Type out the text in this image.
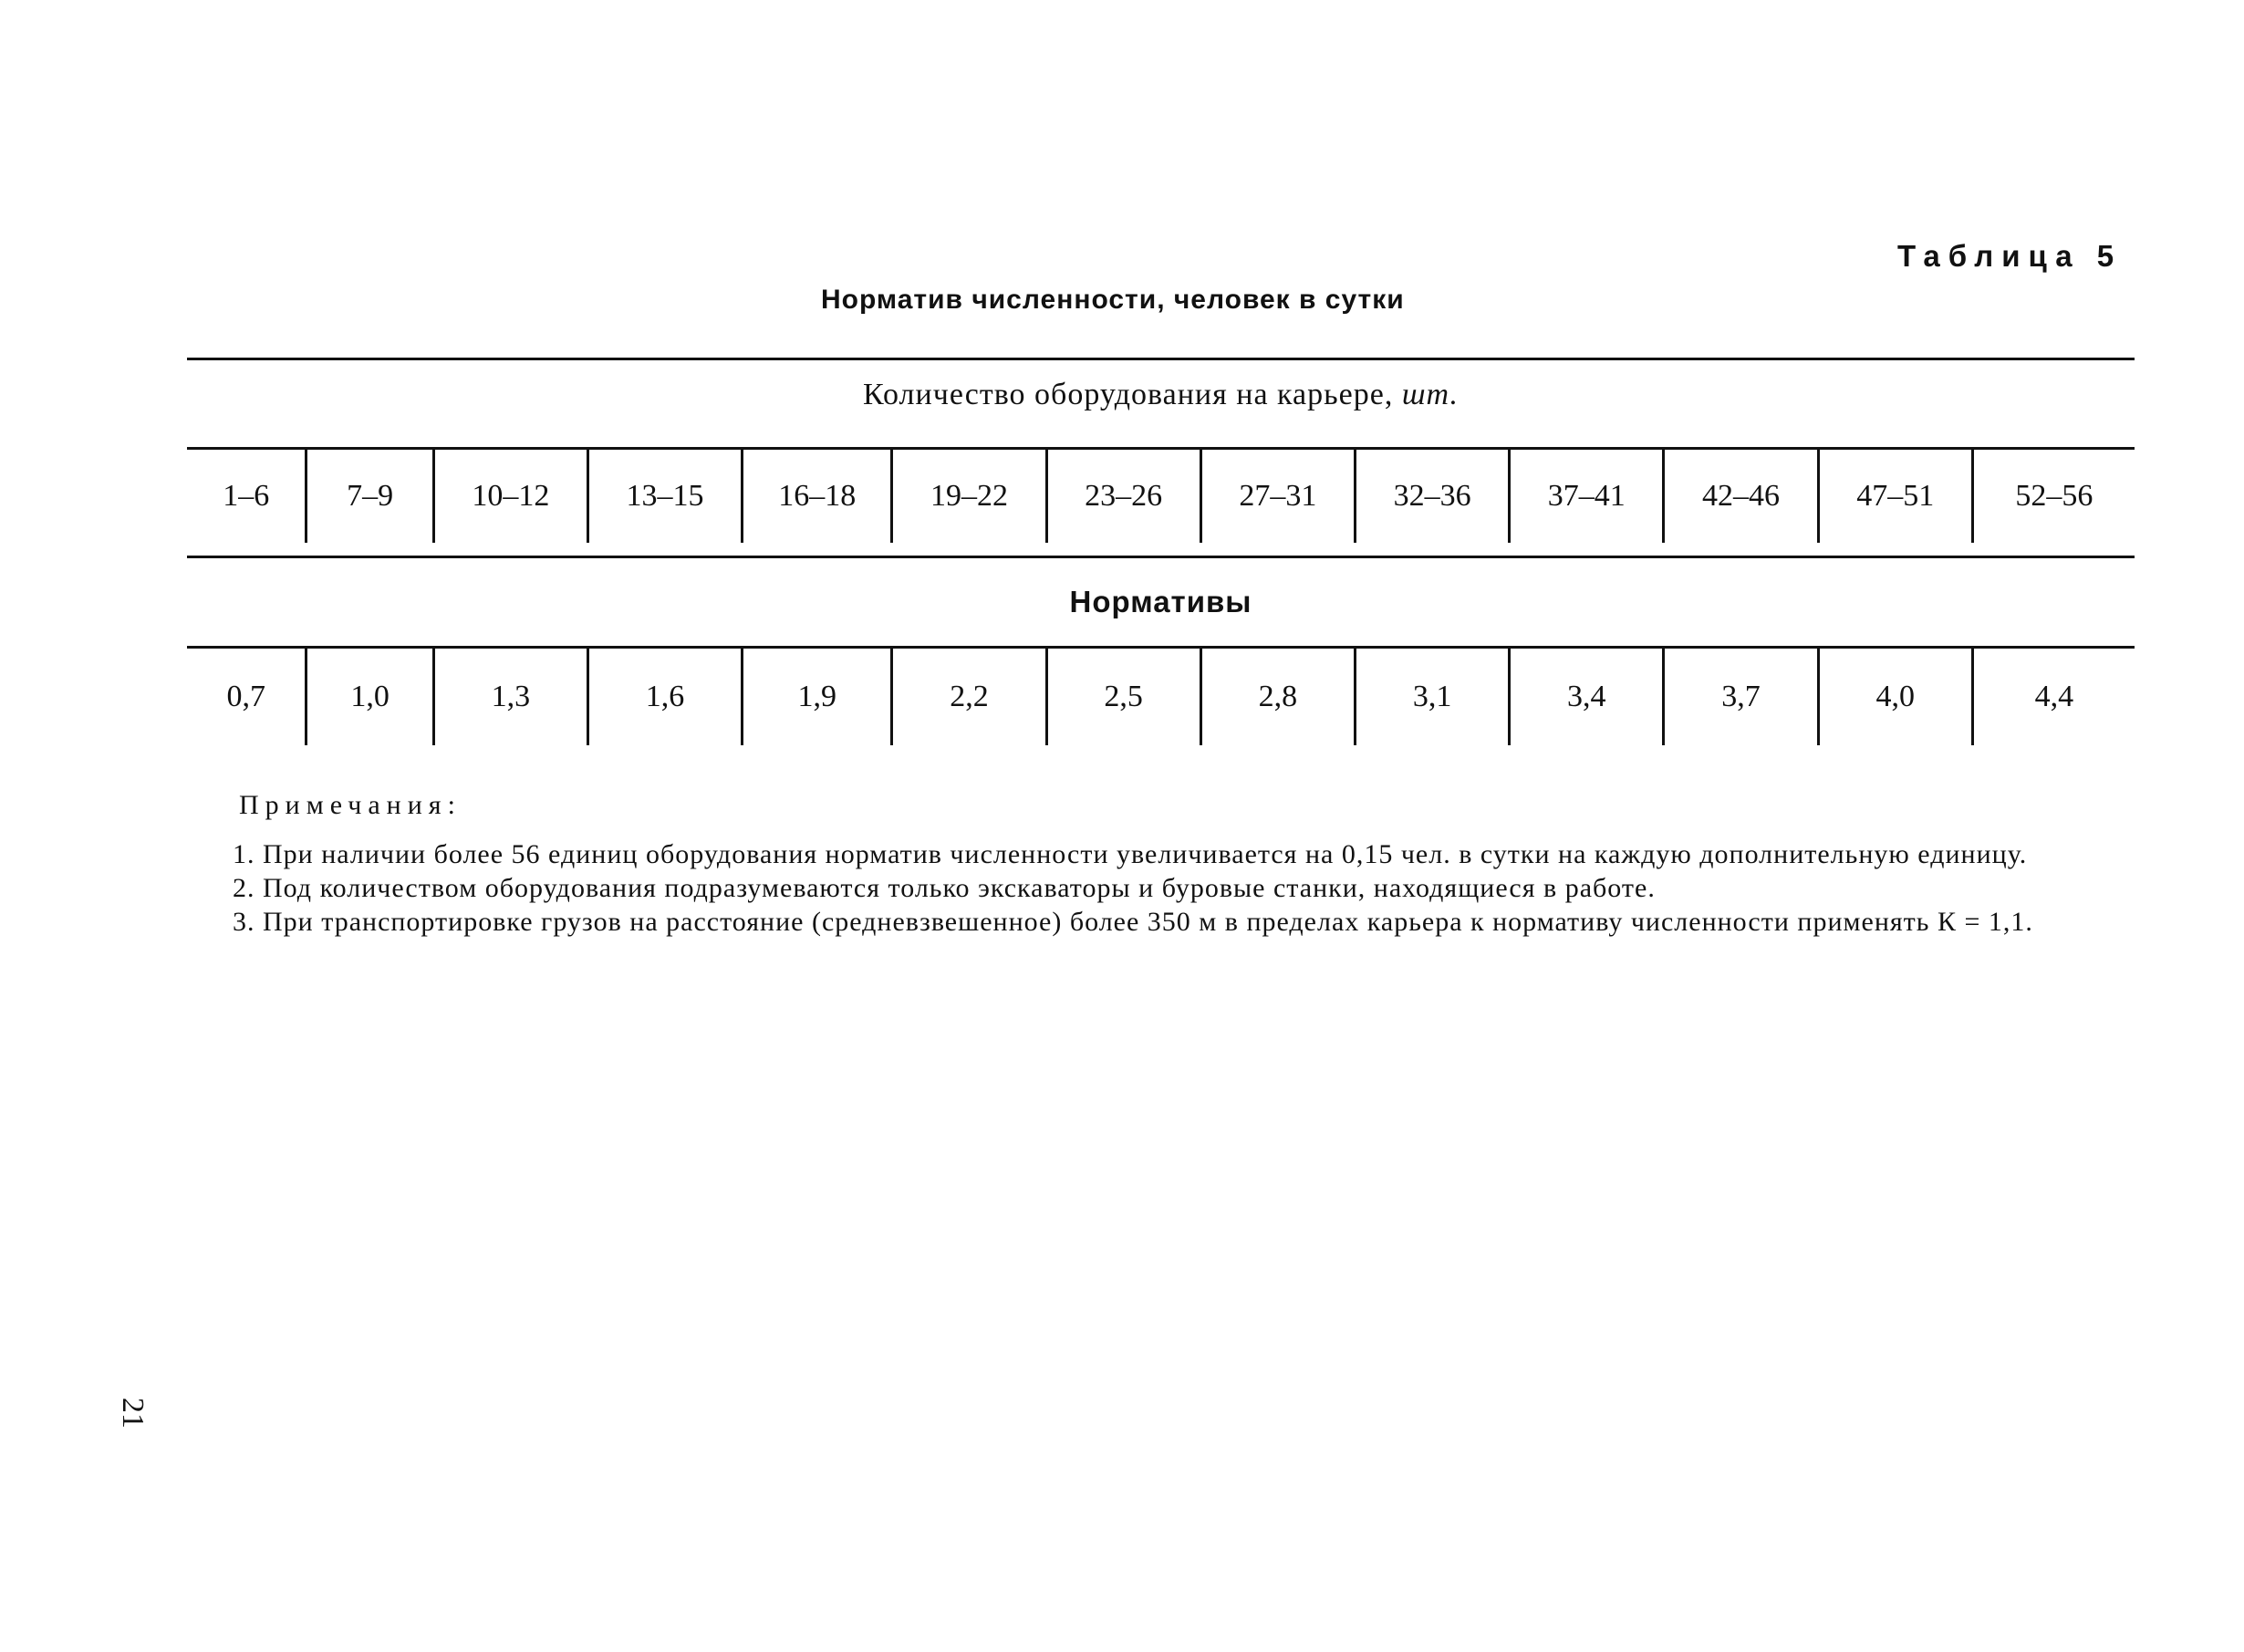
Таблица 5
Норматив численности, человек в сутки
Количество оборудования на карьере, шт.
1–6	7–9	10–12	13–15	16–18	19–22	23–26	27–31	32–36	37–41	42–46	47–51	52–56
Нормативы
0,7	1,0	1,3	1,6	1,9	2,2	2,5	2,8	3,1	3,4	3,7	4,0	4,4
Примечания:

1. При наличии более 56 единиц оборудования норматив численности увеличивается на 0,15 чел. в сутки на каждую дополнительную единицу.

2. Под количеством оборудования подразумеваются только экскаваторы и буровые станки, находящиеся в работе.

3. При транспортировке грузов на расстояние (средневзвешенное) более 350 м в пределах карьера к нормативу численности применять К = 1,1.

21
